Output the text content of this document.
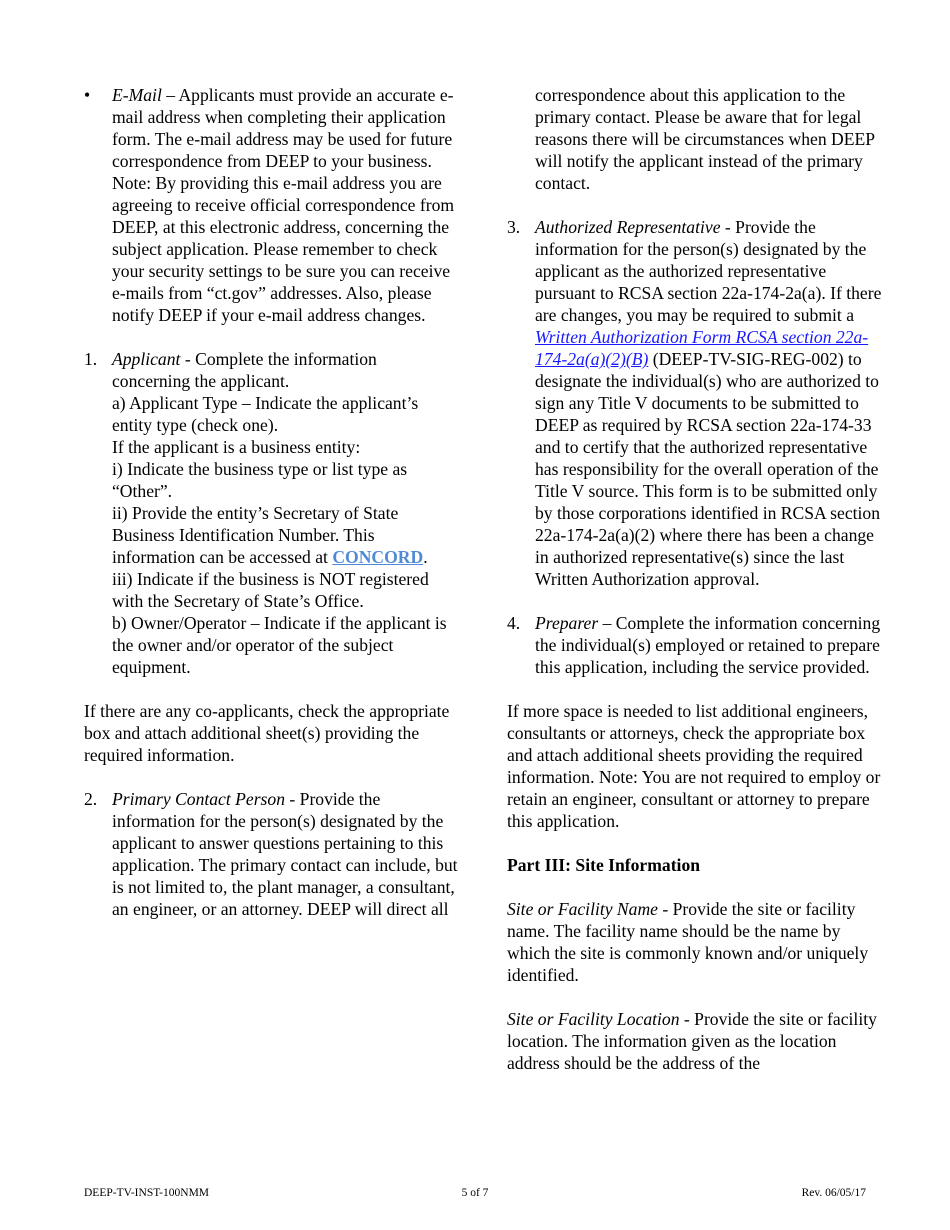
• E-Mail – Applicants must provide an accurate e-mail address when completing their application form. The e-mail address may be used for future correspondence from DEEP to your business.

Note: By providing this e-mail address you are agreeing to receive official correspondence from DEEP, at this electronic address, concerning the subject application. Please remember to check your security settings to be sure you can receive e-mails from “ct.gov” addresses. Also, please notify DEEP if your e-mail address changes.

1. Applicant - Complete the information concerning the applicant.

a) Applicant Type – Indicate the applicant’s entity type (check one).

If the applicant is a business entity:

i) Indicate the business type or list type as “Other”.

ii) Provide the entity’s Secretary of State Business Identification Number. This information can be accessed at CONCORD.

iii) Indicate if the business is NOT registered with the Secretary of State’s Office.

b) Owner/Operator – Indicate if the applicant is the owner and/or operator of the subject equipment.

If there are any co-applicants, check the appropriate box and attach additional sheet(s) providing the required information.

2. Primary Contact Person - Provide the information for the person(s) designated by the applicant to answer questions pertaining to this application. The primary contact can include, but is not limited to, the plant manager, a consultant, an engineer, or an attorney. DEEP will direct all

correspondence about this application to the primary contact. Please be aware that for legal reasons there will be circumstances when DEEP will notify the applicant instead of the primary contact.

3. Authorized Representative - Provide the information for the person(s) designated by the applicant as the authorized representative pursuant to RCSA section 22a-174-2a(a). If there are changes, you may be required to submit a Written Authorization Form RCSA section 22a-174-2a(a)(2)(B) (DEEP-TV-SIG-REG-002) to designate the individual(s) who are authorized to sign any Title V documents to be submitted to DEEP as required by RCSA section 22a-174-33 and to certify that the authorized representative has responsibility for the overall operation of the Title V source. This form is to be submitted only by those corporations identified in RCSA section 22a-174-2a(a)(2) where there has been a change in authorized representative(s) since the last Written Authorization approval.

4. Preparer – Complete the information concerning the individual(s) employed or retained to prepare this application, including the service provided.

If more space is needed to list additional engineers, consultants or attorneys, check the appropriate box and attach additional sheets providing the required information. Note: You are not required to employ or retain an engineer, consultant or attorney to prepare this application.

Part III: Site Information

Site or Facility Name - Provide the site or facility name. The facility name should be the name by which the site is commonly known and/or uniquely identified.

Site or Facility Location - Provide the site or facility location. The information given as the location address should be the address of the

DEEP-TV-INST-100NMM	5 of 7	Rev. 06/05/17
